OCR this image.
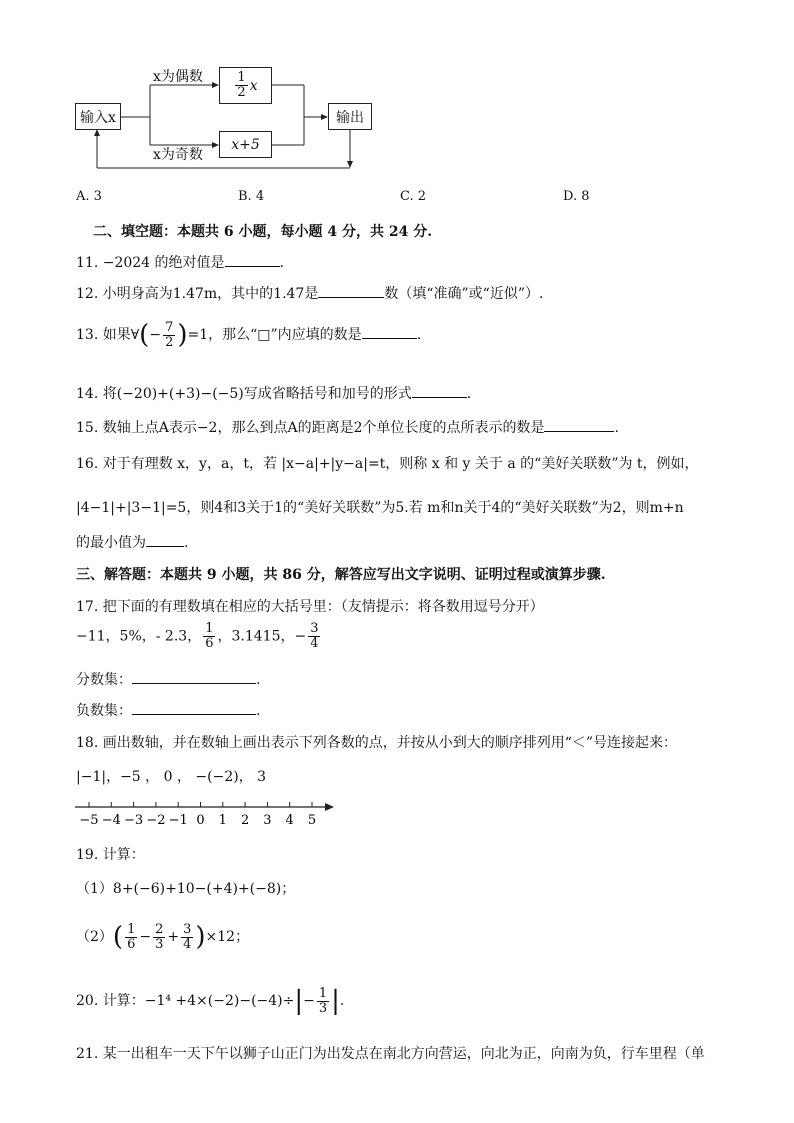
输入x
$\frac{1}{2}$ x
x+5
输出
x为偶数
x为奇数
A. 3	B. 4	C. 2	D. 8
二、填空题：本题共 6 小题，每小题 4 分，共 24 分.
11. −2024 的绝对值是	.
12. 小明身高为1.47m，其中的1.47是	数（填“准确”或“近似”）.
13. 如果∀(− $\frac{7}{2} )=1$，那么“□”内应填的数是	.
14. 将(−20)+(+3)−(−5)写成省略括号和加号的形式	.
15. 数轴上点A表示−2，那么到点A的距离是2个单位长度的点所表示的数是	.
16. 对于有理数 x，y，a，t，若 |x−a|+|y−a|=t，则称 x 和 y 关于 a 的“美好关联数”为 t，例如，
|4−1|+|3−1|=5，则4和3关于1的“美好关联数”为5.若 m和n关于4的“美好关联数”为2，则m+n
的最小值为	.
三、解答题：本题共 9 小题，共 86 分，解答应写出文字说明、证明过程或演算步骤.
17. 把下面的有理数填在相应的大括号里：（友情提示：将各数用逗号分开）
−11，5%，- 2.3， $\frac{1}{6}$ ，3.1415，− $\frac{3}{4}$
分数集：	.
负数集：	.
18. 画出数轴，并在数轴上画出表示下列各数的点，并按从小到大的顺序排列用“＜”号连接起来：
|−1|，−5 ， 0 ， −(−2)， 3
−5 −4 −3 −2 −1 0 1 2 3 4 5
19. 计算：
（1）8+(−6)+10−(+4)+(−8)；
$(2)( \frac{1}{6} - \frac{2}{3} + \frac{3}{4} )\times 12$；
20. 计算：$-1^4 +4\times(-2)-(-4)\div|- \frac{1}{3}$ |.
21. 某一出租车一天下午以狮子山正门为出发点在南北方向营运，向北为正，向南为负，行车里程（单
